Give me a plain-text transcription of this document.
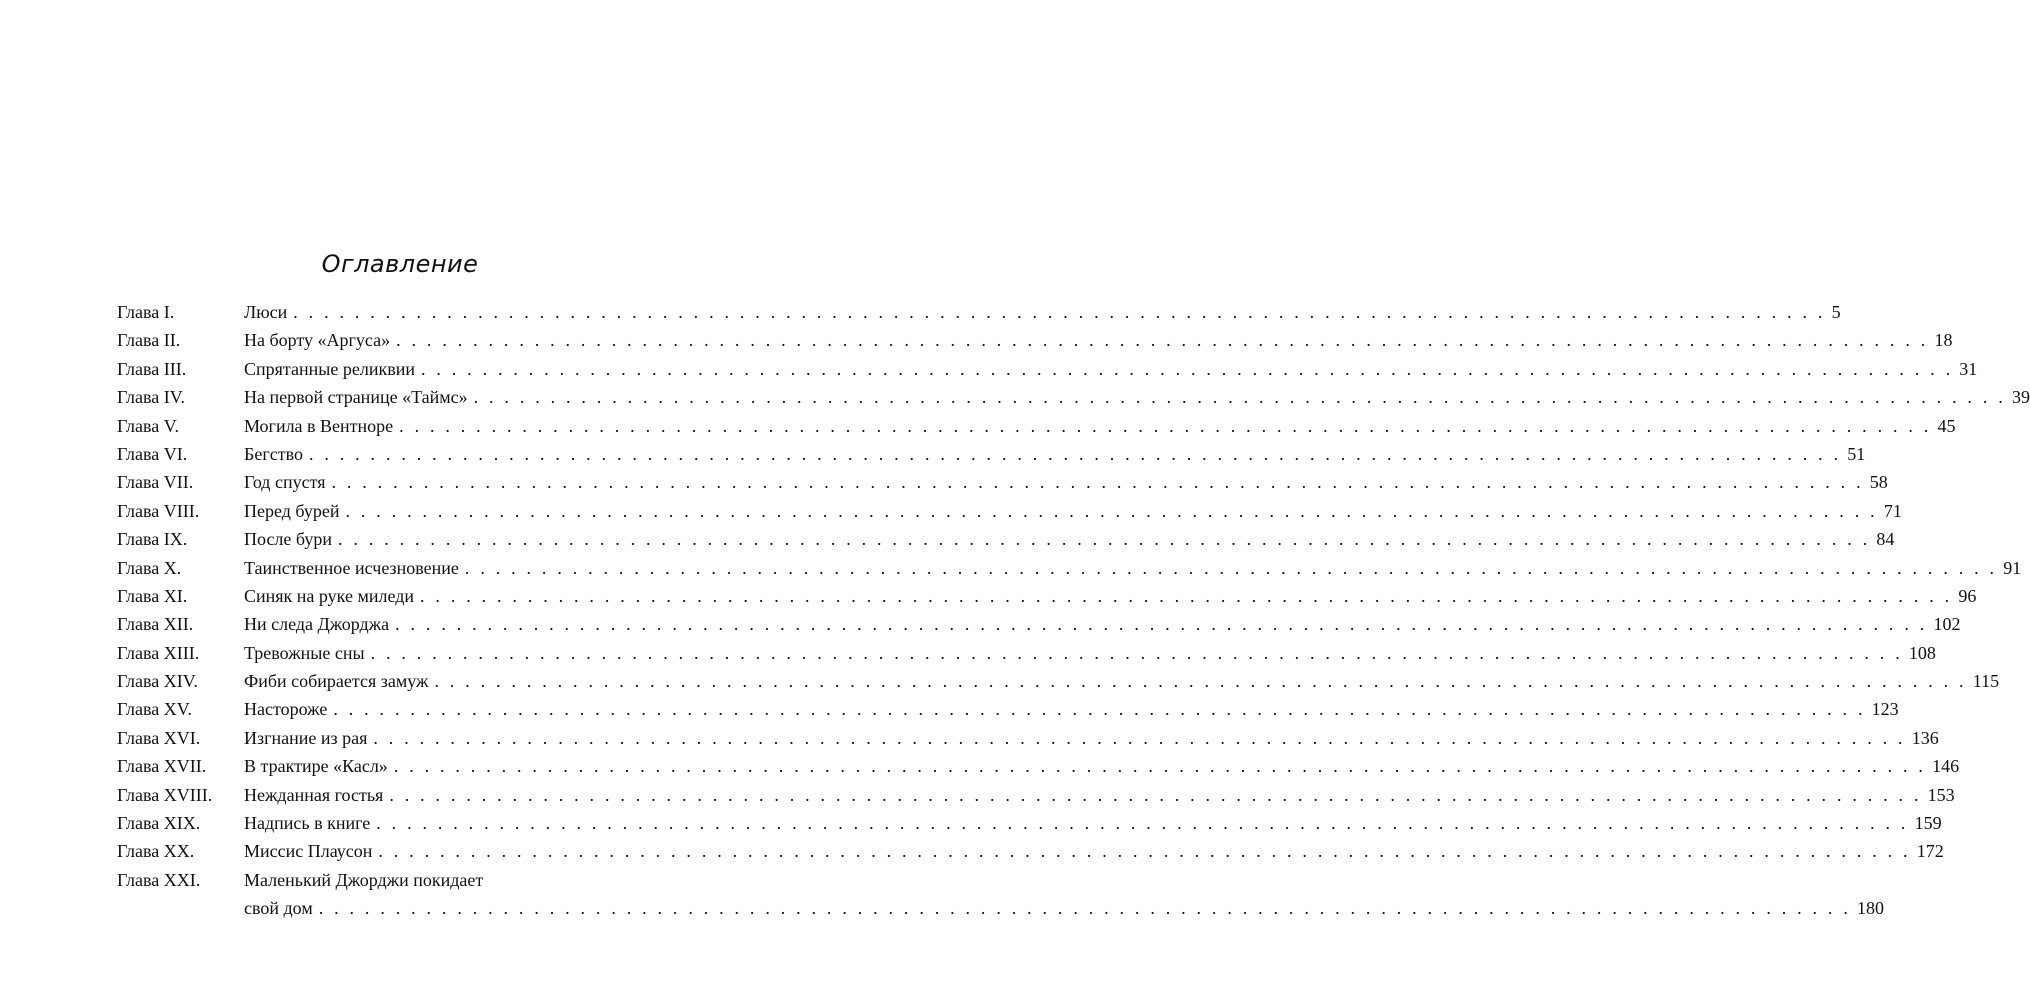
Оглавление
Глава I.	Люси . . .	5
Глава II.	На борту «Аргуса» . . .	18
Глава III.	Спрятанные реликвии . . .	31
Глава IV.	На первой странице «Таймс» . . .	39
Глава V.	Могила в Вентноре . . .	45
Глава VI.	Бегство . . .	51
Глава VII.	Год спустя . . .	58
Глава VIII.	Перед бурей . . .	71
Глава IX.	После бури . . .	84
Глава X.	Таинственное исчезновение . . .	91
Глава XI.	Синяк на руке миледи . . .	96
Глава XII.	Ни следа Джорджа . . .	102
Глава XIII.	Тревожные сны . . .	108
Глава XIV.	Фиби собирается замуж . . .	115
Глава XV.	Настороже . . .	123
Глава XVI.	Изгнание из рая . . .	136
Глава XVII.	В трактире «Касл» . . .	146
Глава XVIII.	Нежданная гостья . . .	153
Глава XIX.	Надпись в книге . . .	159
Глава XX.	Миссис Плаусон . . .	172
Глава XXI.	Маленький Джорджи покидает
свой дом . . .	180
